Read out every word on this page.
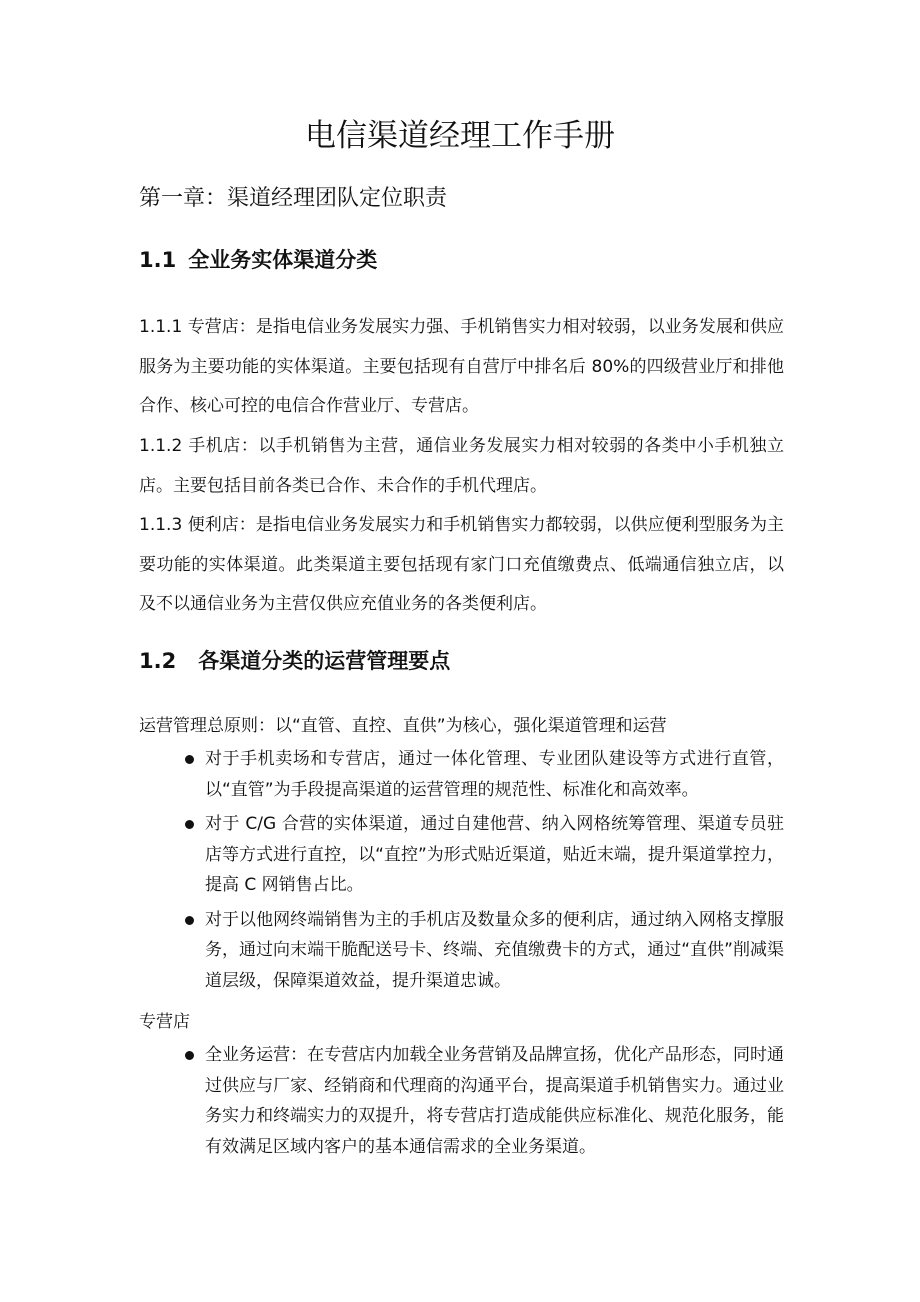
电信渠道经理工作手册
第一章：渠道经理团队定位职责
1.1 全业务实体渠道分类

1.1.1 专营店：是指电信业务发展实力强、手机销售实力相对较弱，以业务发展和供应服务为主要功能的实体渠道。主要包括现有自营厅中排名后 80%的四级营业厅和排他合作、核心可控的电信合作营业厅、专营店。

1.1.2 手机店：以手机销售为主营，通信业务发展实力相对较弱的各类中小手机独立店。主要包括目前各类已合作、未合作的手机代理店。

1.1.3 便利店：是指电信业务发展实力和手机销售实力都较弱，以供应便利型服务为主要功能的实体渠道。此类渠道主要包括现有家门口充值缴费点、低端通信独立店，以及不以通信业务为主营仅供应充值业务的各类便利店。

1.2 各渠道分类的运营管理要点

运营管理总原则：以“直管、直控、直供”为核心，强化渠道管理和运营

对于手机卖场和专营店，通过一体化管理、专业团队建设等方式进行直管，以“直管”为手段提高渠道的运营管理的规范性、标准化和高效率。
对于 C/G 合营的实体渠道，通过自建他营、纳入网格统筹管理、渠道专员驻店等方式进行直控，以“直控”为形式贴近渠道，贴近末端，提升渠道掌控力，提高 C 网销售占比。
对于以他网终端销售为主的手机店及数量众多的便利店，通过纳入网格支撑服务，通过向末端干脆配送号卡、终端、充值缴费卡的方式，通过“直供”削减渠道层级，保障渠道效益，提升渠道忠诚。

专营店

全业务运营：在专营店内加载全业务营销及品牌宣扬，优化产品形态，同时通过供应与厂家、经销商和代理商的沟通平台，提高渠道手机销售实力。通过业务实力和终端实力的双提升，将专营店打造成能供应标准化、规范化服务，能有效满足区域内客户的基本通信需求的全业务渠道。
